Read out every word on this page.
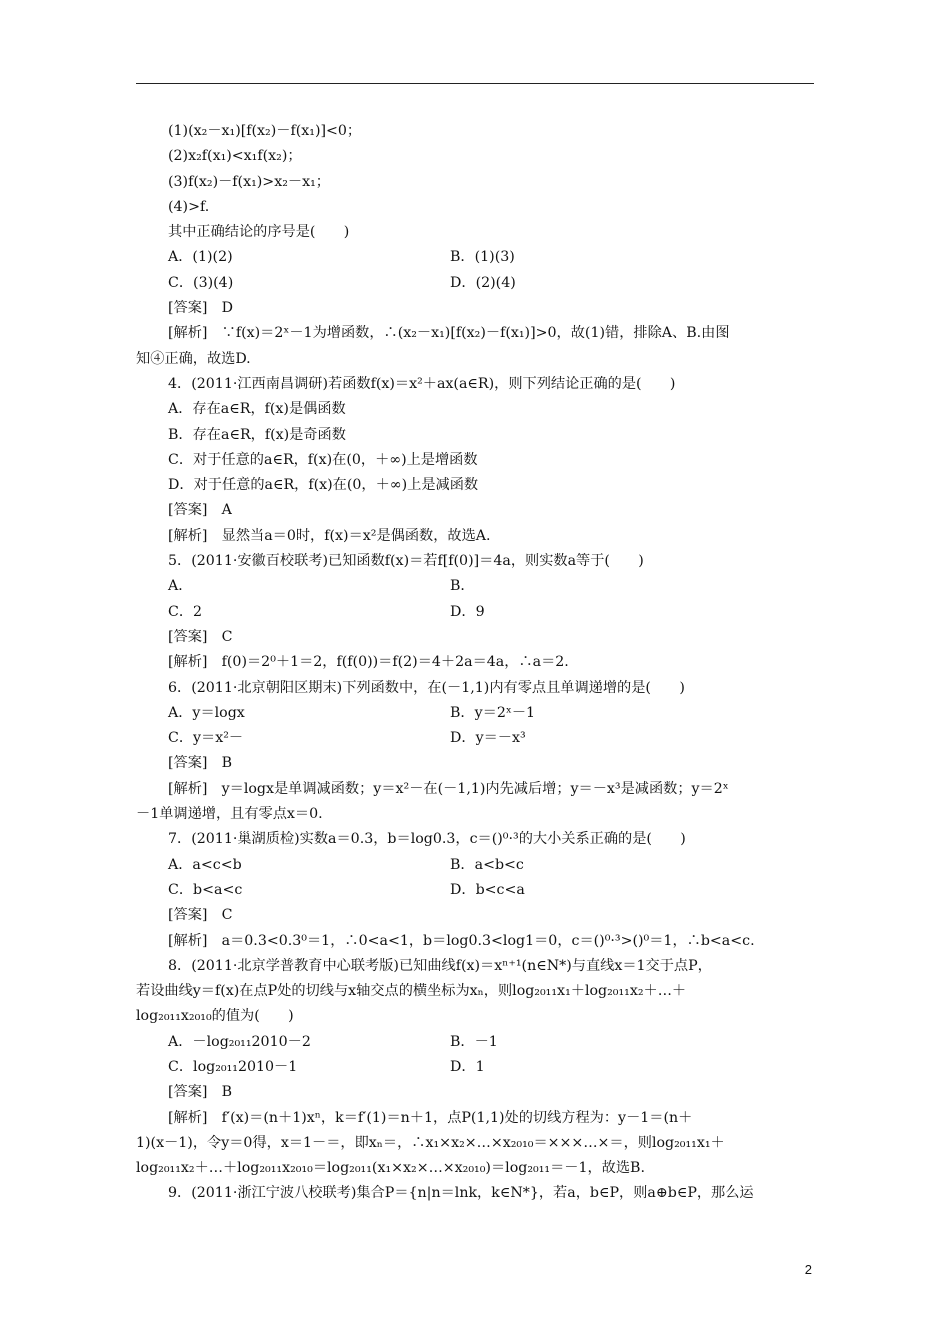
(1)(x₂－x₁)[f(x₂)－f(x₁)]<0；
(2)x₂f(x₁)<x₁f(x₂)；
(3)f(x₂)－f(x₁)>x₂－x₁；
(4)>f.
其中正确结论的序号是(　　)
A．(1)(2)	B．(1)(3)
C．(3)(4)	D．(2)(4)
[答案]　D
[解析]　∵f(x)＝2ˣ－1为增函数，∴(x₂－x₁)[f(x₂)－f(x₁)]>0，故(1)错，排除A、B.由图
知④正确，故选D.
4．(2011·江西南昌调研)若函数f(x)＝x²＋ax(a∈R)，则下列结论正确的是(　　)
A．存在a∈R，f(x)是偶函数
B．存在a∈R，f(x)是奇函数
C．对于任意的a∈R，f(x)在(0，＋∞)上是增函数
D．对于任意的a∈R，f(x)在(0，＋∞)上是减函数
[答案]　A
[解析]　显然当a＝0时，f(x)＝x²是偶函数，故选A.
5．(2011·安徽百校联考)已知函数f(x)＝若f[f(0)]＝4a，则实数a等于(　　)
A．	B．
C．2	D．9
[答案]　C
[解析]　f(0)＝2⁰＋1＝2，f(f(0))＝f(2)＝4＋2a＝4a，∴a＝2.
6．(2011·北京朝阳区期末)下列函数中，在(－1,1)内有零点且单调递增的是(　　)
A．y＝logx	B．y＝2ˣ－1
C．y＝x²－	D．y＝－x³
[答案]　B
[解析]　y＝logx是单调减函数；y＝x²－在(－1,1)内先减后增；y＝－x³是减函数；y＝2ˣ
－1单调递增，且有零点x＝0.
7．(2011·巢湖质检)实数a＝0.3，b＝log0.3，c＝()⁰·³的大小关系正确的是(　　)
A．a<c<b	B．a<b<c
C．b<a<c	D．b<c<a
[答案]　C
[解析]　a＝0.3<0.3⁰＝1，∴0<a<1，b＝log0.3<log1＝0，c＝()⁰·³>()⁰＝1，∴b<a<c.
8．(2011·北京学普教育中心联考版)已知曲线f(x)＝xⁿ⁺¹(n∈N*)与直线x＝1交于点P，
若设曲线y＝f(x)在点P处的切线与x轴交点的横坐标为xₙ，则log₂₀₁₁x₁＋log₂₀₁₁x₂＋…＋
log₂₀₁₁x₂₀₁₀的值为(　　)
A．－log₂₀₁₁2010－2	B．－1
C．log₂₀₁₁2010－1	D．1
[答案]　B
[解析]　f′(x)＝(n＋1)xⁿ，k＝f′(1)＝n＋1，点P(1,1)处的切线方程为：y－1＝(n＋
1)(x－1)，令y＝0得，x＝1－＝，即xₙ＝，∴x₁×x₂×…×x₂₀₁₀＝×××…×＝，则log₂₀₁₁x₁＋
log₂₀₁₁x₂＋…＋log₂₀₁₁x₂₀₁₀＝log₂₀₁₁(x₁×x₂×…×x₂₀₁₀)＝log₂₀₁₁＝－1，故选B.
9．(2011·浙江宁波八校联考)集合P＝{n|n＝lnk，k∈N*}，若a，b∈P，则a⊕b∈P，那么运
2
